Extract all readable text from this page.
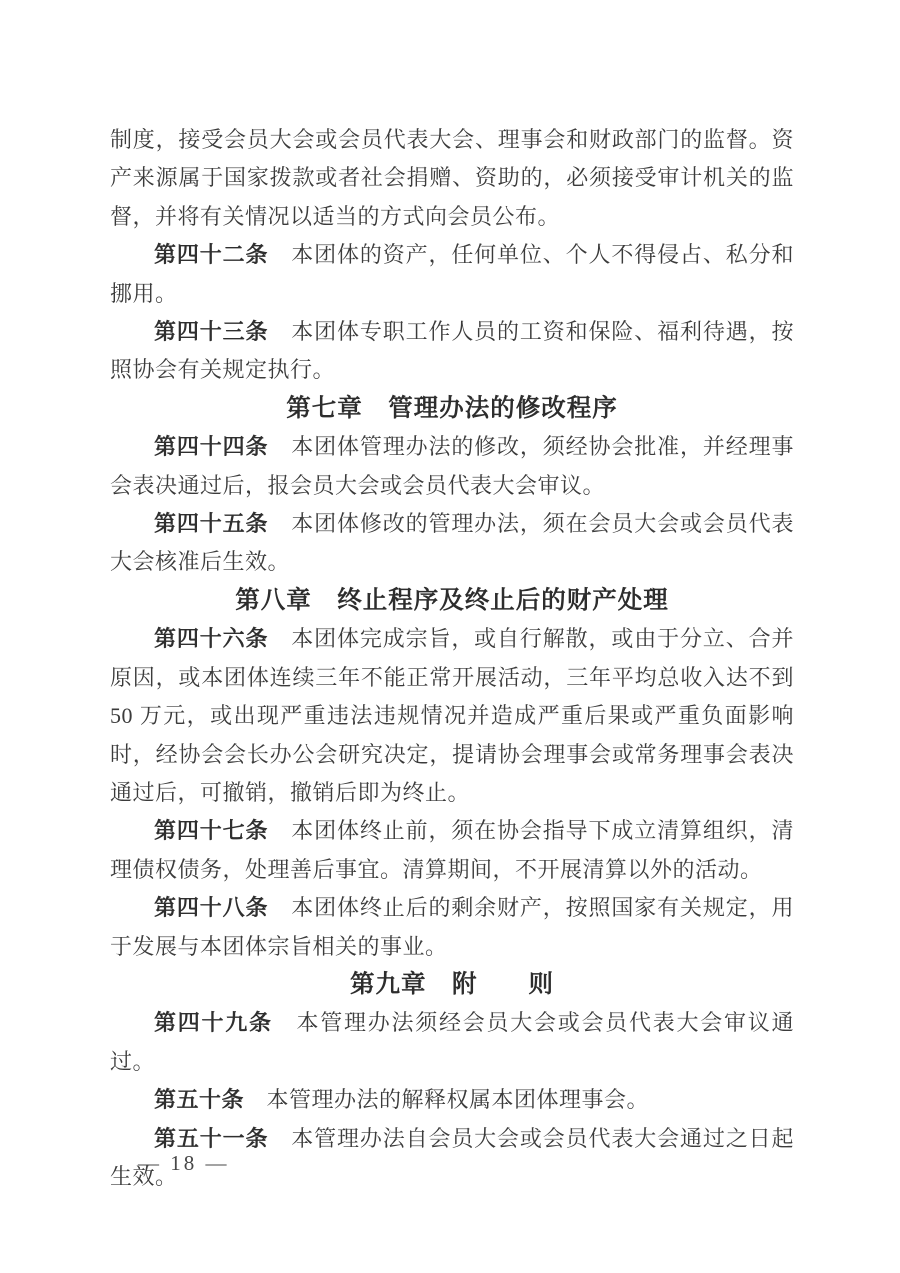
制度，接受会员大会或会员代表大会、理事会和财政部门的监督。资产来源属于国家拨款或者社会捐赠、资助的，必须接受审计机关的监督，并将有关情况以适当的方式向会员公布。

第四十二条　本团体的资产，任何单位、个人不得侵占、私分和挪用。

第四十三条　本团体专职工作人员的工资和保险、福利待遇，按照协会有关规定执行。

第七章　管理办法的修改程序

第四十四条　本团体管理办法的修改，须经协会批准，并经理事会表决通过后，报会员大会或会员代表大会审议。

第四十五条　本团体修改的管理办法，须在会员大会或会员代表大会核准后生效。

第八章　终止程序及终止后的财产处理

第四十六条　本团体完成宗旨，或自行解散，或由于分立、合并原因，或本团体连续三年不能正常开展活动，三年平均总收入达不到 50 万元，或出现严重违法违规情况并造成严重后果或严重负面影响时，经协会会长办公会研究决定，提请协会理事会或常务理事会表决通过后，可撤销，撤销后即为终止。

第四十七条　本团体终止前，须在协会指导下成立清算组织，清理债权债务，处理善后事宜。清算期间，不开展清算以外的活动。

第四十八条　本团体终止后的剩余财产，按照国家有关规定，用于发展与本团体宗旨相关的事业。

第九章　附　　则

第四十九条　本管理办法须经会员大会或会员代表大会审议通过。

第五十条　本管理办法的解释权属本团体理事会。

第五十一条　本管理办法自会员大会或会员代表大会通过之日起生效。

— 18 —
